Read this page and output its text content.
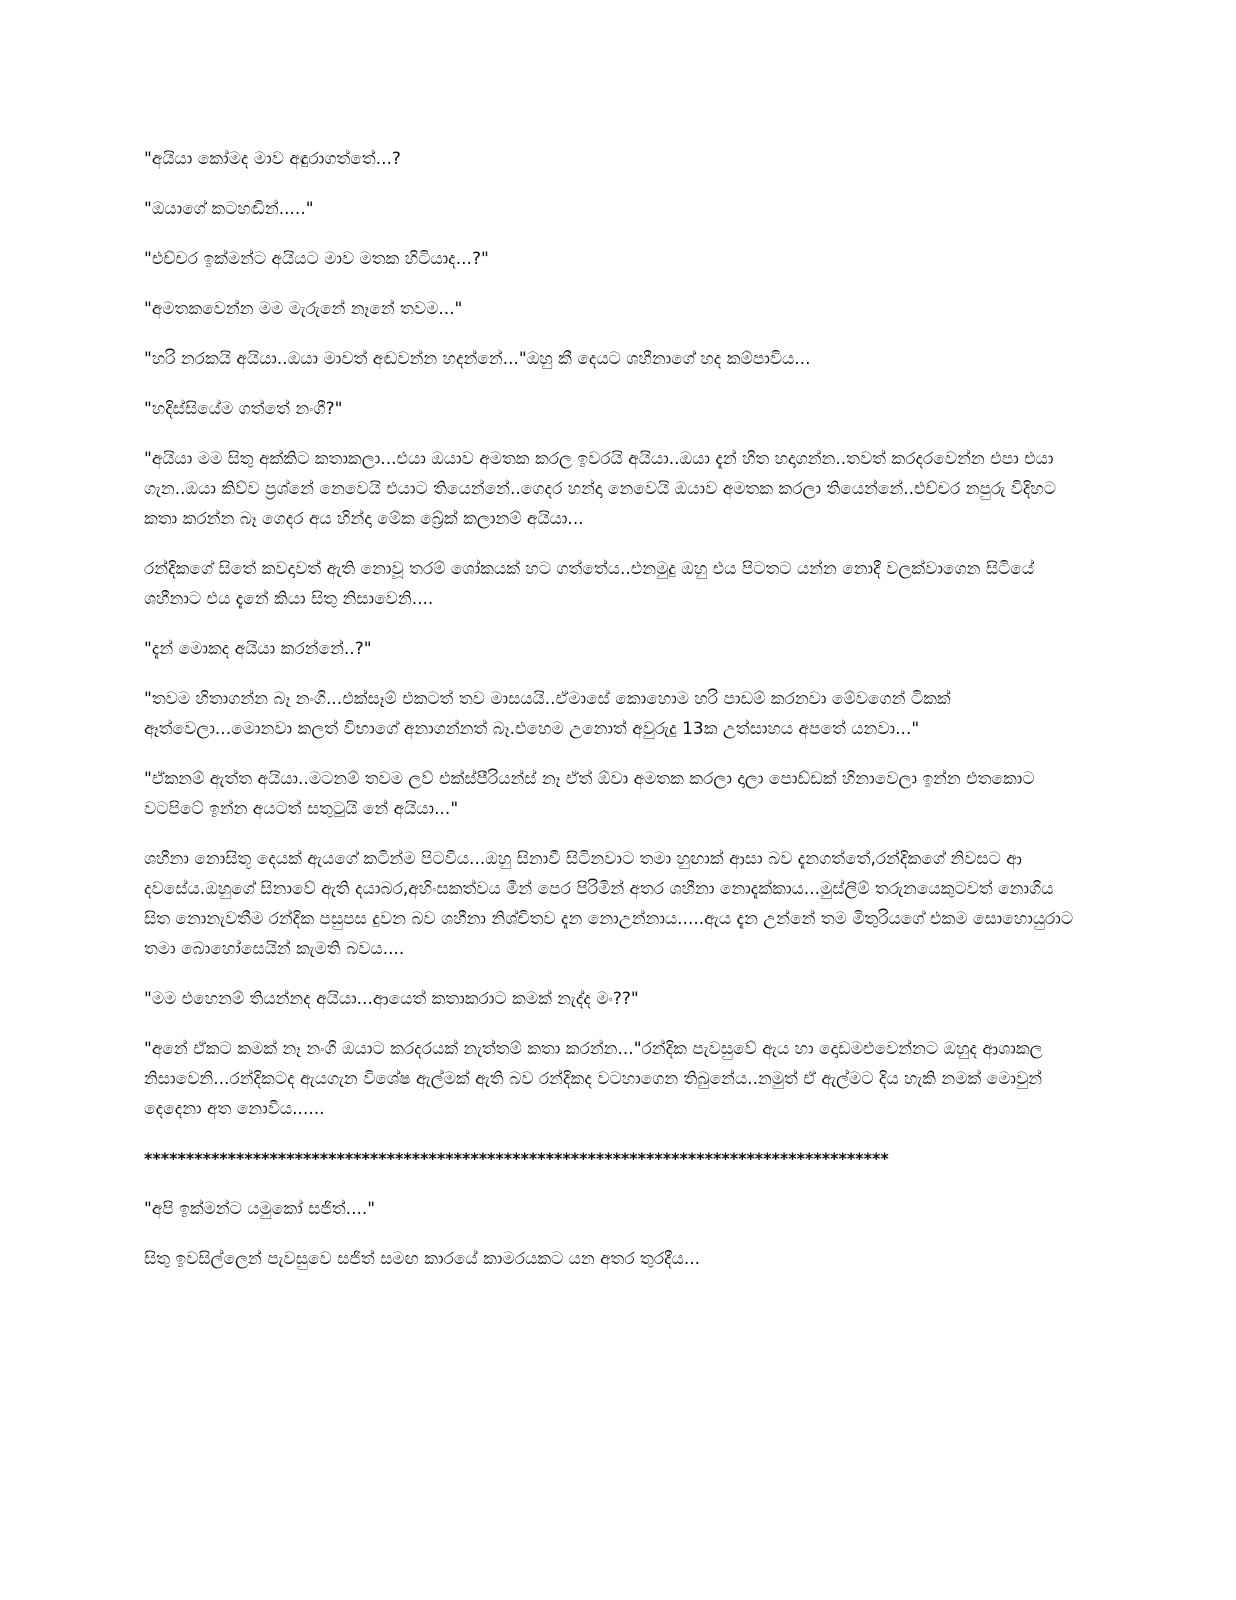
"අයියා කෝමද මාව අඳුරාගත්තේ...?

"ඔයාගේ කටහඬින්....."

"එච්චර ඉක්මන්ට අයියට මාව මතක හිටියාද...?"

"අමතකවෙන්න මම මැරුනේ නෑනේ තවම..."

"හරි නරකයි අයියා..ඔයා මාවත් අඬවන්න හදන්නේ..."ඔහු කී දෙයට ශහීනාගේ හද කම්පාවිය...

"හදිස්සියේම ගත්තේ නංගී?"

"අයියා මම සිතු අක්කිට කතාකලා...එයා ඔයාව අමතක කරල ඉවරයි අයියා..ඔයා දැන් හිත හදාගන්න..තවත් කරදරවෙන්න එපා එයා ගැන..ඔයා කිව්ව ප්‍රශ්නේ නෙවෙයි එයාට තියෙන්නේ..ගෙදර හන්දා නෙවෙයි ඔයාව අමතක කරලා තියෙන්නේ..එච්චර නපුරු විදිහට කතා කරන්න බෑ ගෙදර අය හින්දා මේක බ්‍රේක් කලානම් අයියා...

රන්දිකගේ සිතේ කවදාවත් ඇති නොවූ තරම් ශෝකයක් හට ගත්තේය..එනමුදු ඔහු එය පිටතට යන්න නොදී වලක්වාගෙන සිටියේ ශහීනාට එය දැනේ කියා සිතු නිසාවෙනි....

"දැන් මොකද අයියා කරන්නේ..?"

"තවම හිතාගන්න බෑ නංගි...එක්සෑම් එකටත් තව මාසයයි..ඒමාසේ කොහොම හරි පාඩම් කරනවා මේවගෙන් ටිකක් ඈත්වෙලා...මොනවා කලත් විභාගේ අනාගන්නත් බෑ.එහෙම උනොත් අවුරුදු 13ක උත්සාහය අපතේ යනවා..."

"ඒකනම් ඇත්ත අයියා..මටනම් තවම ලව් එක්ස්පීරියන්ස් නෑ ඒත් ඕවා අමතක කරලා දාලා පොඩ්ඩක් හිනාවෙලා ඉන්න එතකොට වටපිටේ ඉන්න අයටත් සතුටුයි නේ අයියා..."

ශහීනා නොසිතූ දෙයක් ඇයගේ කටින්ම පිටවිය...ඔහු සිනාවී සිටිනවාට තමා හුඟාක් ආසා බව දැනගත්තේ,රන්දිකගේ නිවසට ආ දවසේය.ඔහුගේ සිනාවේ ඇති දයාබර,අහිංසකත්වය මීන් පෙර පිරිමින් අතර ශහීනා නොදැක්කාය...මුස්ලිම් තරුනයෙකුටවත් නොගිය සිත නොනැවතීම රන්දික පසුපස දුවන බව ශහීනා නිශ්චිතව දැන නොඋන්නාය.....ඇය දැන උන්නේ තම මිතුරියගේ එකම සොහොයුරාට තමා බොහෝසෙයින් කැමති බවය....

"මම එහෙනම් තියන්නද අයියා...ආයෙත් කතාකරාට කමක් නැද්ද මං??"

"අනේ ඒකට කමක් නෑ නංගි ඔයාට කරදරයක් නැත්තම් කතා කරන්න..."රන්දික පැවසුවේ ඇය හා දොඩමළුවෙන්නට ඔහුද ආශාකල නිසාවෙනි...රන්දිකටද ඇයගැන විශේෂ ඇල්මක් ඇති බව රන්දිකද වටහාගෙන තිබුනේය..නමුත් ඒ ඇල්මට දිය හැකි නමක් මොවුන් දෙදෙනා අත නොවීය......

*****************************************************************************************

"අපි ඉක්මන්ට යමුකෝ සජිත්...."

සිතු ඉවසිල්ලෙන් පැවසුවෙ සජිත් සමඟ කාරයේ කාමරයකට යන අතර තුරදීය...
